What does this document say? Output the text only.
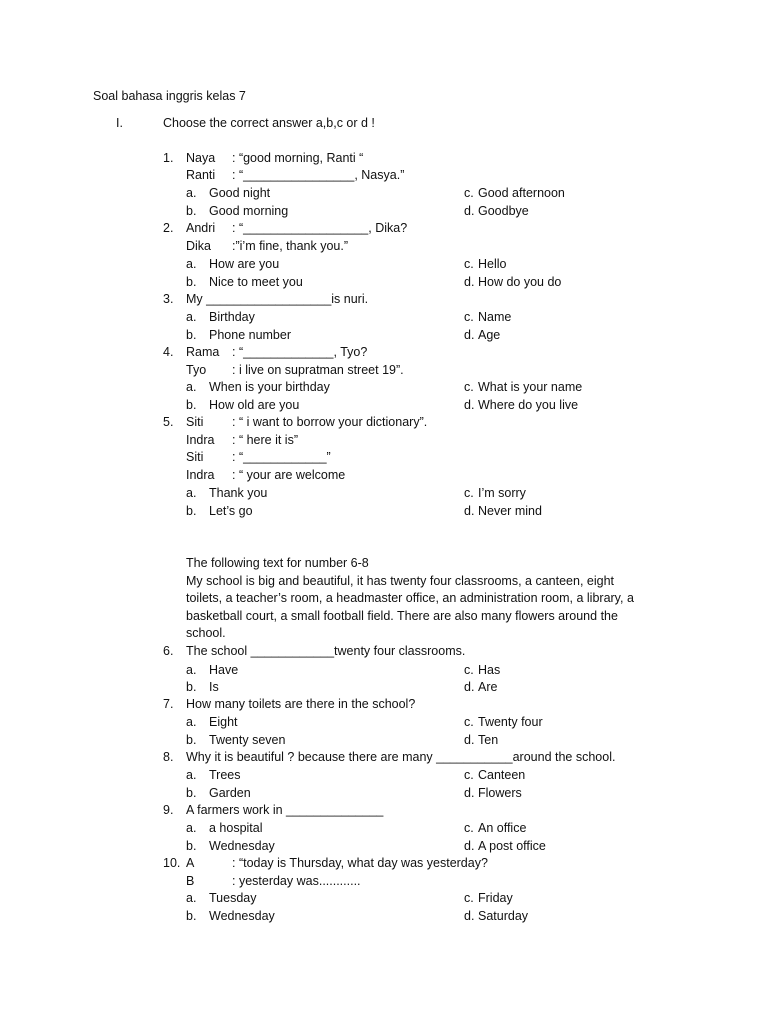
Soal bahasa inggris kelas 7
I.	Choose the correct answer a,b,c or d !
1. Naya : “good morning, Ranti “
Ranti : “________________, Nasya.”
a. Good night	c. Good afternoon
b. Good morning	d. Goodbye
2. Andri : “__________________, Dika?
Dika :”i’m fine, thank you.”
a. How are you	c. Hello
b. Nice to meet you	d. How do you do
3. My __________________is nuri.
a. Birthday	c. Name
b. Phone number	d. Age
4. Rama : “_____________, Tyo?
Tyo : i live on supratman street 19”.
a. When is your birthday	c. What is your name
b. How old are you	d. Where do you live
5. Siti : “ i want to borrow your dictionary”.
Indra : “ here it is”
Siti : “____________”
Indra : “ your are welcome
a. Thank you	c. I’m sorry
b. Let’s go	d. Never mind
6. The school ____________twenty four classrooms.
a. Have	c. Has
b. Is	d. Are
7. How many toilets are there in the school?
a. Eight	c. Twenty four
b. Twenty seven	d. Ten
8. Why it is beautiful ? because there are many ___________around the school.
a. Trees	c. Canteen
b. Garden	d. Flowers
9. A farmers work in ______________
a. a hospital	c. An office
b. Wednesday	d. A post office
10. A	: “today is Thursday, what day was yesterday?
B	: yesterday was............
a. Tuesday	c. Friday
b. Wednesday	d. Saturday
The following text for number 6-8
My school is big and beautiful, it has twenty four classrooms, a canteen, eight
toilets, a teacher’s room, a headmaster office, an administration room, a library, a
basketball court, a small football field. There are also many flowers around the
school.
